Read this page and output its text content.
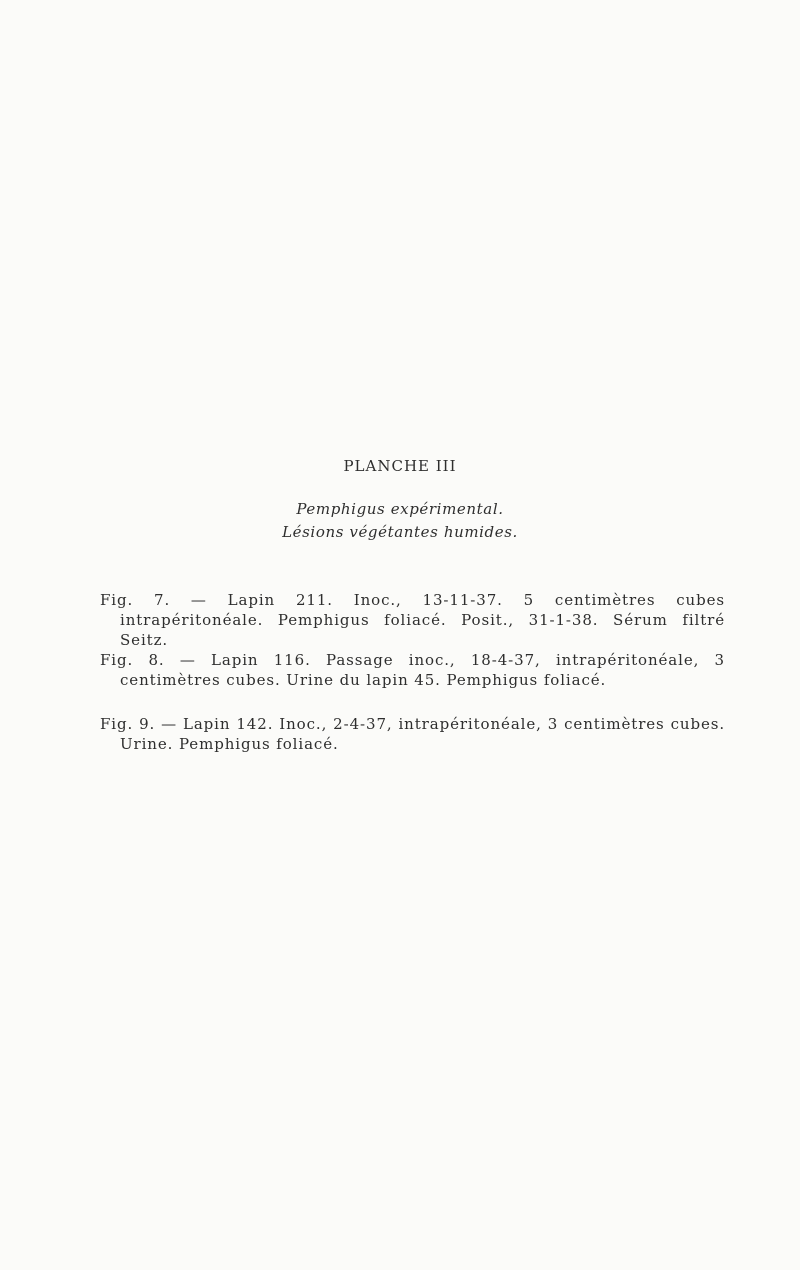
PLANCHE III
Pemphigus expérimental.
Lésions végétantes humides.
Fig. 7. — Lapin 211. Inoc., 13-11-37. 5 centimètres cubes intrapéritonéale. Pemphigus foliacé. Posit., 31-1-38. Sérum filtré Seitz.
Fig. 8. — Lapin 116. Passage inoc., 18-4-37, intrapéritonéale, 3 centimètres cubes. Urine du lapin 45. Pemphigus foliacé.
Fig. 9. — Lapin 142. Inoc., 2-4-37, intrapéritonéale, 3 centimètres cubes. Urine. Pemphigus foliacé.
